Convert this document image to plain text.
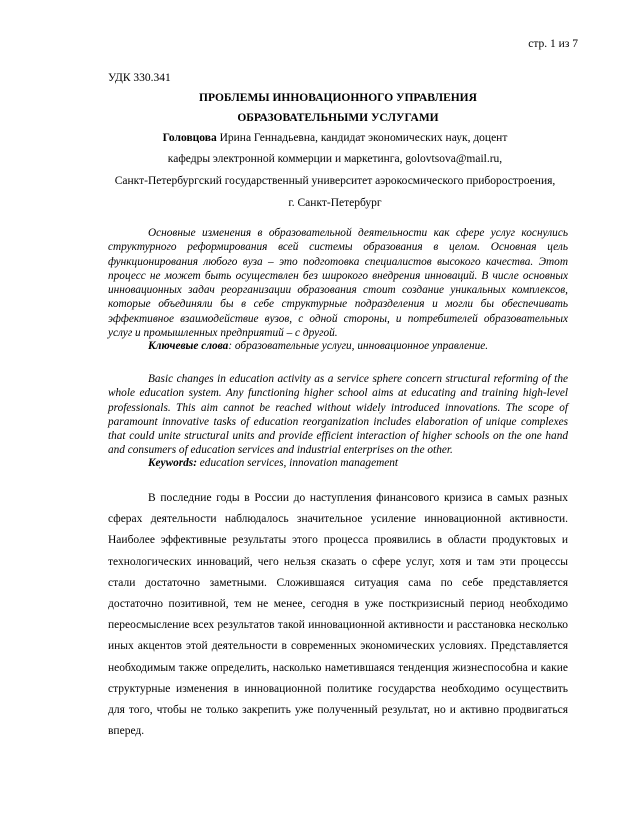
стр. 1 из 7
УДК 330.341
ПРОБЛЕМЫ ИННОВАЦИОННОГО УПРАВЛЕНИЯ
ОБРАЗОВАТЕЛЬНЫМИ УСЛУГАМИ
Головцова Ирина Геннадьевна, кандидат экономических наук, доцент
кафедры электронной коммерции и маркетинга, golovtsova@mail.ru,
Санкт-Петербургский государственный университет аэрокосмического приборостроения,
г. Санкт-Петербург
Основные изменения в образовательной деятельности как сфере услуг коснулись структурного реформирования всей системы образования в целом. Основная цель функционирования любого вуза – это подготовка специалистов высокого качества. Этот процесс не может быть осуществлен без широкого внедрения инноваций. В числе основных инновационных задач реорганизации образования стоит создание уникальных комплексов, которые объединяли бы в себе структурные подразделения и могли бы обеспечивать эффективное взаимодействие вузов, с одной стороны, и потребителей образовательных услуг и промышленных предприятий – с другой.
Ключевые слова: образовательные услуги, инновационное управление.
Basic changes in education activity as a service sphere concern structural reforming of the whole education system. Any functioning higher school aims at educating and training high-level professionals. This aim cannot be reached without widely introduced innovations. The scope of paramount innovative tasks of education reorganization includes elaboration of unique complexes that could unite structural units and provide efficient interaction of higher schools on the one hand and consumers of education services and industrial enterprises on the other.
Keywords: education services, innovation management
В последние годы в России до наступления финансового кризиса в самых разных сферах деятельности наблюдалось значительное усиление инновационной активности. Наиболее эффективные результаты этого процесса проявились в области продуктовых и технологических инноваций, чего нельзя сказать о сфере услуг, хотя и там эти процессы стали достаточно заметными. Сложившаяся ситуация сама по себе представляется достаточно позитивной, тем не менее, сегодня в уже посткризисный период необходимо переосмысление всех результатов такой инновационной активности и расстановка несколько иных акцентов этой деятельности в современных экономических условиях. Представляется необходимым также определить, насколько наметившаяся тенденция жизнеспособна и какие структурные изменения в инновационной политике государства необходимо осуществить для того, чтобы не только закрепить уже полученный результат, но и активно продвигаться вперед.
